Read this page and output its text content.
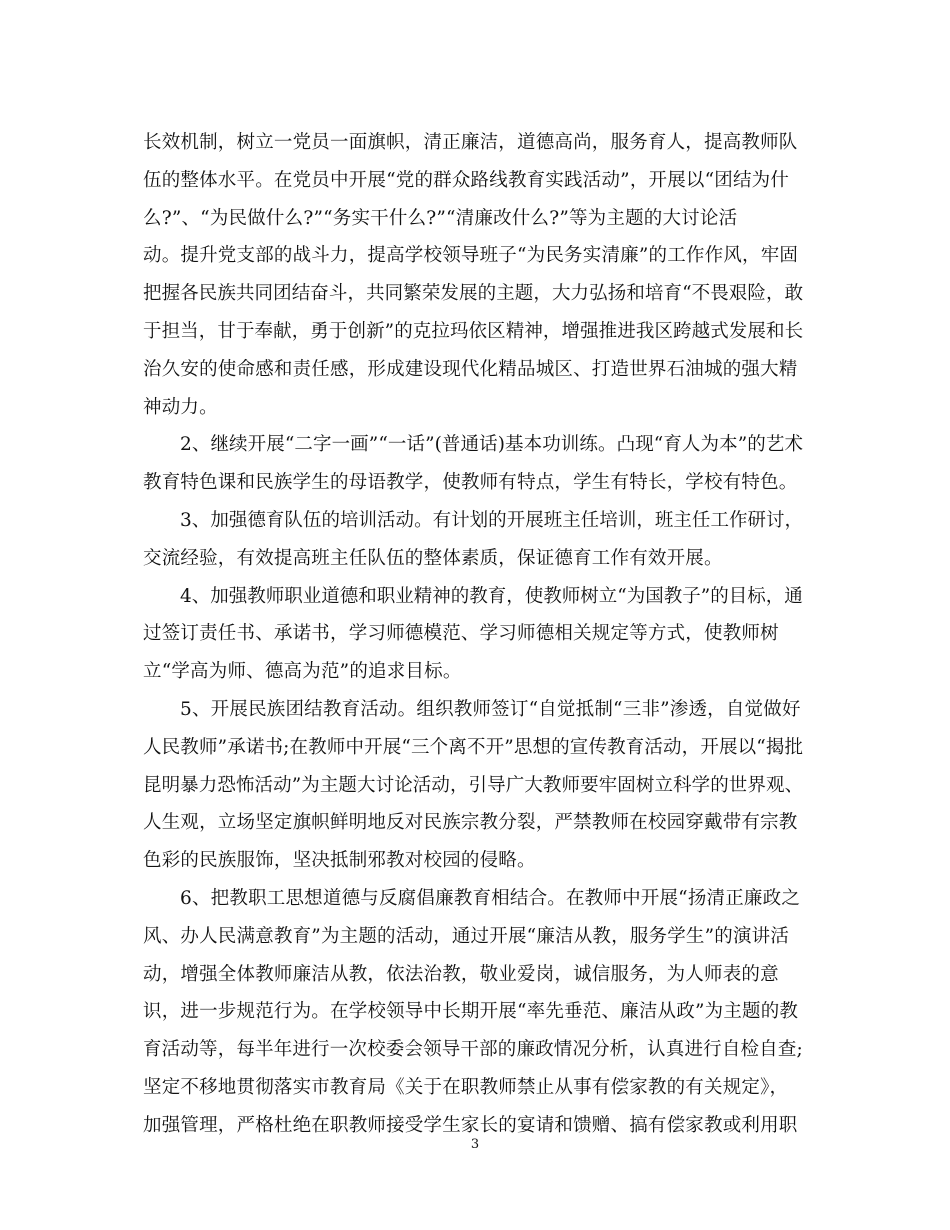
长效机制，树立一党员一面旗帜，清正廉洁，道德高尚，服务育人，提高教师队
伍的整体水平。在党员中开展“党的群众路线教育实践活动”，开展以“团结为什
么?”、“为民做什么?”“务实干什么?”“清廉改什么?”等为主题的大讨论活
动。提升党支部的战斗力，提高学校领导班子“为民务实清廉”的工作作风，牢固
把握各民族共同团结奋斗，共同繁荣发展的主题，大力弘扬和培育“不畏艰险，敢
于担当，甘于奉献，勇于创新”的克拉玛依区精神，增强推进我区跨越式发展和长
治久安的使命感和责任感，形成建设现代化精品城区、打造世界石油城的强大精
神动力。
2、继续开展“二字一画”“一话”(普通话)基本功训练。凸现“育人为本”的艺术
教育特色课和民族学生的母语教学，使教师有特点，学生有特长，学校有特色。
3、加强德育队伍的培训活动。有计划的开展班主任培训，班主任工作研讨，
交流经验，有效提高班主任队伍的整体素质，保证德育工作有效开展。
4、加强教师职业道德和职业精神的教育，使教师树立“为国教子”的目标，通
过签订责任书、承诺书，学习师德模范、学习师德相关规定等方式，使教师树
立“学高为师、德高为范”的追求目标。
5、开展民族团结教育活动。组织教师签订“自觉抵制“三非”渗透，自觉做好
人民教师”承诺书;在教师中开展“三个离不开”思想的宣传教育活动，开展以“揭批
昆明暴力恐怖活动”为主题大讨论活动，引导广大教师要牢固树立科学的世界观、
人生观，立场坚定旗帜鲜明地反对民族宗教分裂，严禁教师在校园穿戴带有宗教
色彩的民族服饰，坚决抵制邪教对校园的侵略。
6、把教职工思想道德与反腐倡廉教育相结合。在教师中开展“扬清正廉政之
风、办人民满意教育”为主题的活动，通过开展“廉洁从教，服务学生”的演讲活
动，增强全体教师廉洁从教，依法治教，敬业爱岗，诚信服务，为人师表的意
识，进一步规范行为。在学校领导中长期开展“率先垂范、廉洁从政”为主题的教
育活动等，每半年进行一次校委会领导干部的廉政情况分析，认真进行自检自查;
坚定不移地贯彻落实市教育局《关于在职教师禁止从事有偿家教的有关规定》，
加强管理，严格杜绝在职教师接受学生家长的宴请和馈赠、搞有偿家教或利用职
3
